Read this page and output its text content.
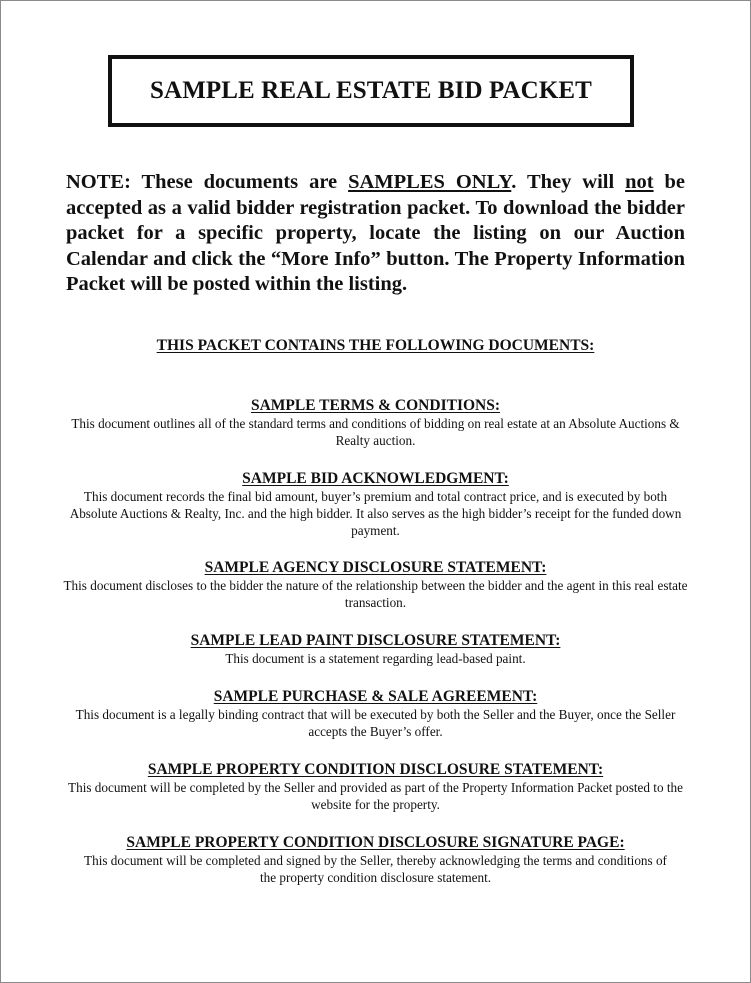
SAMPLE REAL ESTATE BID PACKET

NOTE: These documents are SAMPLES ONLY. They will not be accepted as a valid bidder registration packet. To download the bidder packet for a specific property, locate the listing on our Auction Calendar and click the “More Info” button. The Property Information Packet will be posted within the listing.

THIS PACKET CONTAINS THE FOLLOWING DOCUMENTS:
SAMPLE TERMS & CONDITIONS:
This document outlines all of the standard terms and conditions of bidding on real estate at an Absolute Auctions & Realty auction.
SAMPLE BID ACKNOWLEDGMENT:
This document records the final bid amount, buyer’s premium and total contract price, and is executed by both Absolute Auctions & Realty, Inc. and the high bidder. It also serves as the high bidder’s receipt for the funded down payment.
SAMPLE AGENCY DISCLOSURE STATEMENT:
This document discloses to the bidder the nature of the relationship between the bidder and the agent in this real estate transaction.
SAMPLE LEAD PAINT DISCLOSURE STATEMENT:
This document is a statement regarding lead-based paint.
SAMPLE PURCHASE & SALE AGREEMENT:
This document is a legally binding contract that will be executed by both the Seller and the Buyer, once the Seller accepts the Buyer’s offer.
SAMPLE PROPERTY CONDITION DISCLOSURE STATEMENT:
This document will be completed by the Seller and provided as part of the Property Information Packet posted to the website for the property.
SAMPLE PROPERTY CONDITION DISCLOSURE SIGNATURE PAGE:
This document will be completed and signed by the Seller, thereby acknowledging the terms and conditions of the property condition disclosure statement.
